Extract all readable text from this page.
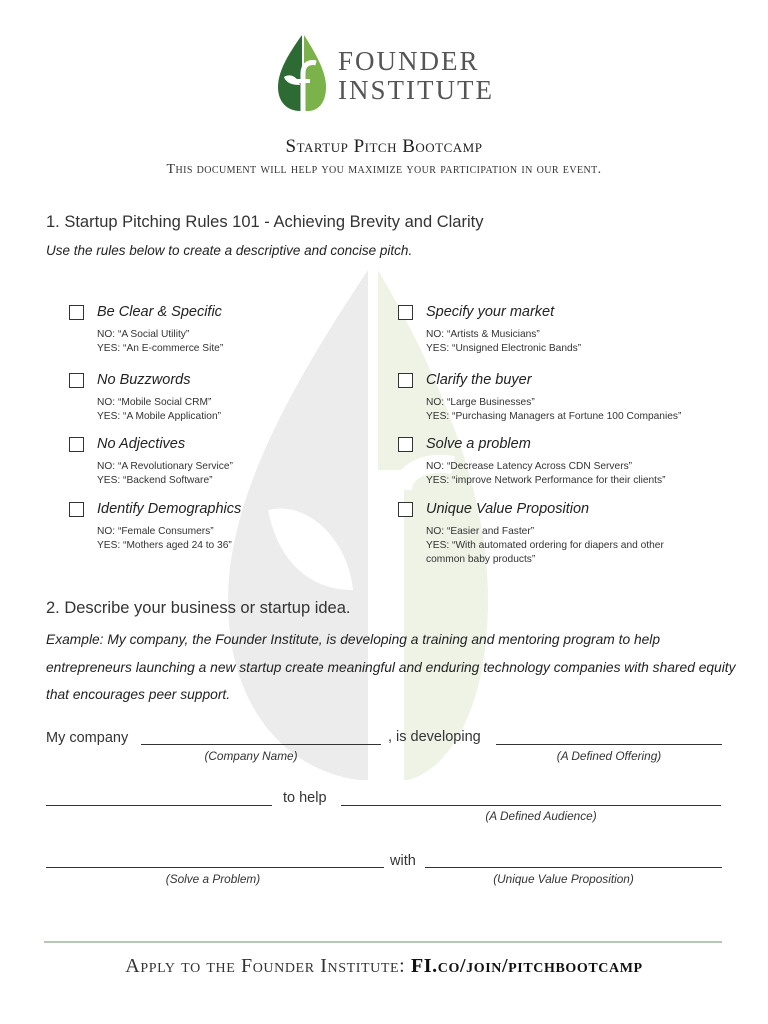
FOUNDER
INSTITUTE
Startup Pitch Bootcamp
This document will help you maximize your participation in our event.
1. Startup Pitching Rules 101 - Achieving Brevity and Clarity
Use the rules below to create a descriptive and concise pitch.
Be Clear & Specific
NO: “A Social Utility”
YES: “An E-commerce Site”
No Buzzwords
NO: “Mobile Social CRM”
YES: “A Mobile Application”
No Adjectives
NO: “A Revolutionary Service”
YES: “Backend Software”
Identify Demographics
NO: “Female Consumers”
YES: “Mothers aged 24 to 36”
Specify your market
NO: “Artists & Musicians”
YES: “Unsigned Electronic Bands”
Clarify the buyer
NO: “Large Businesses”
YES: “Purchasing Managers at Fortune 100 Companies”
Solve a problem
NO: “Decrease Latency Across CDN Servers”
YES: “improve Network Performance for their clients”
Unique Value Proposition
NO: “Easier and Faster”
YES: “With automated ordering for diapers and other
common baby products”
2. Describe your business or startup idea.
Example: My company, the Founder Institute, is developing a training and mentoring program to help entrepreneurs launching a new startup create meaningful and enduring technology companies with shared equity that encourages peer support.
My company	, is developing
(Company Name)	(A Defined Offering)
to help
(A Defined Audience)
with
(Solve a Problem)	(Unique Value Proposition)
Apply to the Founder Institute: FI.co/join/pitchbootcamp
